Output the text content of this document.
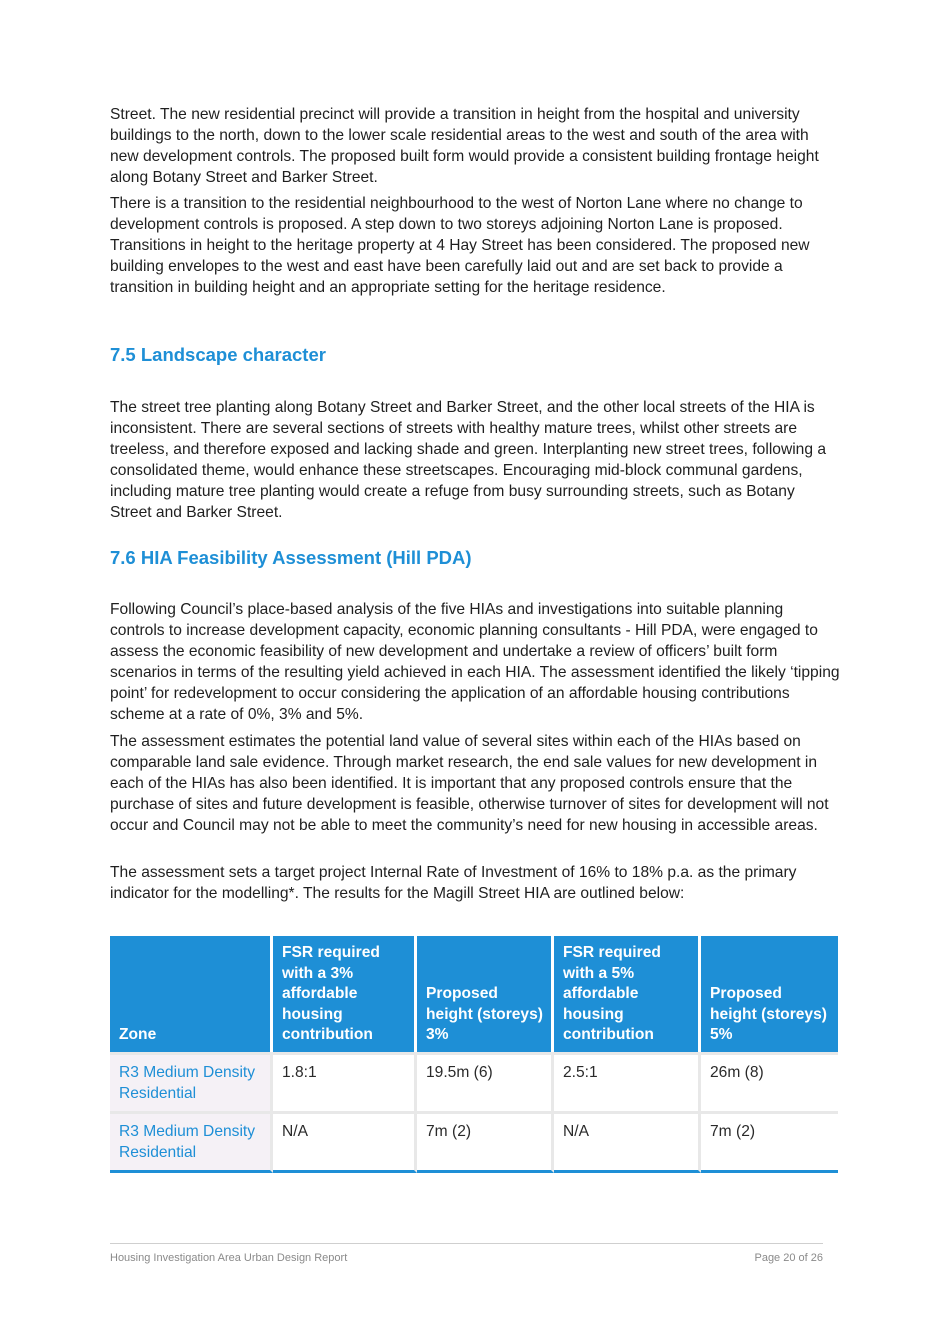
Street. The new residential precinct will provide a transition in height from the hospital and university buildings to the north, down to the lower scale residential areas to the west and south of the area with new development controls. The proposed built form would provide a consistent building frontage height along Botany Street and Barker Street.

There is a transition to the residential neighbourhood to the west of Norton Lane where no change to development controls is proposed. A step down to two storeys adjoining Norton Lane is proposed. Transitions in height to the heritage property at 4 Hay Street has been considered. The proposed new building envelopes to the west and east have been carefully laid out and are set back to provide a transition in building height and an appropriate setting for the heritage residence.

7.5 Landscape character

The street tree planting along Botany Street and Barker Street, and the other local streets of the HIA is inconsistent. There are several sections of streets with healthy mature trees, whilst other streets are treeless, and therefore exposed and lacking shade and green. Interplanting new street trees, following a consolidated theme, would enhance these streetscapes. Encouraging mid-block communal gardens, including mature tree planting would create a refuge from busy surrounding streets, such as Botany Street and Barker Street.

7.6 HIA Feasibility Assessment (Hill PDA)

Following Council’s place-based analysis of the five HIAs and investigations into suitable planning controls to increase development capacity, economic planning consultants - Hill PDA, were engaged to assess the economic feasibility of new development and undertake a review of officers’ built form scenarios in terms of the resulting yield achieved in each HIA. The assessment identified the likely ‘tipping point’ for redevelopment to occur considering the application of an affordable housing contributions scheme at a rate of 0%, 3% and 5%.

The assessment estimates the potential land value of several sites within each of the HIAs based on comparable land sale evidence. Through market research, the end sale values for new development in each of the HIAs has also been identified. It is important that any proposed controls ensure that the purchase of sites and future development is feasible, otherwise turnover of sites for development will not occur and Council may not be able to meet the community’s need for new housing in accessible areas.

The assessment sets a target project Internal Rate of Investment of 16% to 18% p.a. as the primary indicator for the modelling*. The results for the Magill Street HIA are outlined below:

Zone	FSR required with a 3% affordable housing contribution	Proposed height (storeys) 3%	FSR required with a 5% affordable housing contribution	Proposed height (storeys) 5%
R3 Medium Density Residential	1.8:1	19.5m (6)	2.5:1	26m (8)
R3 Medium Density Residential	N/A	7m (2)	N/A	7m (2)
Housing Investigation Area Urban Design Report	Page 20 of 26
